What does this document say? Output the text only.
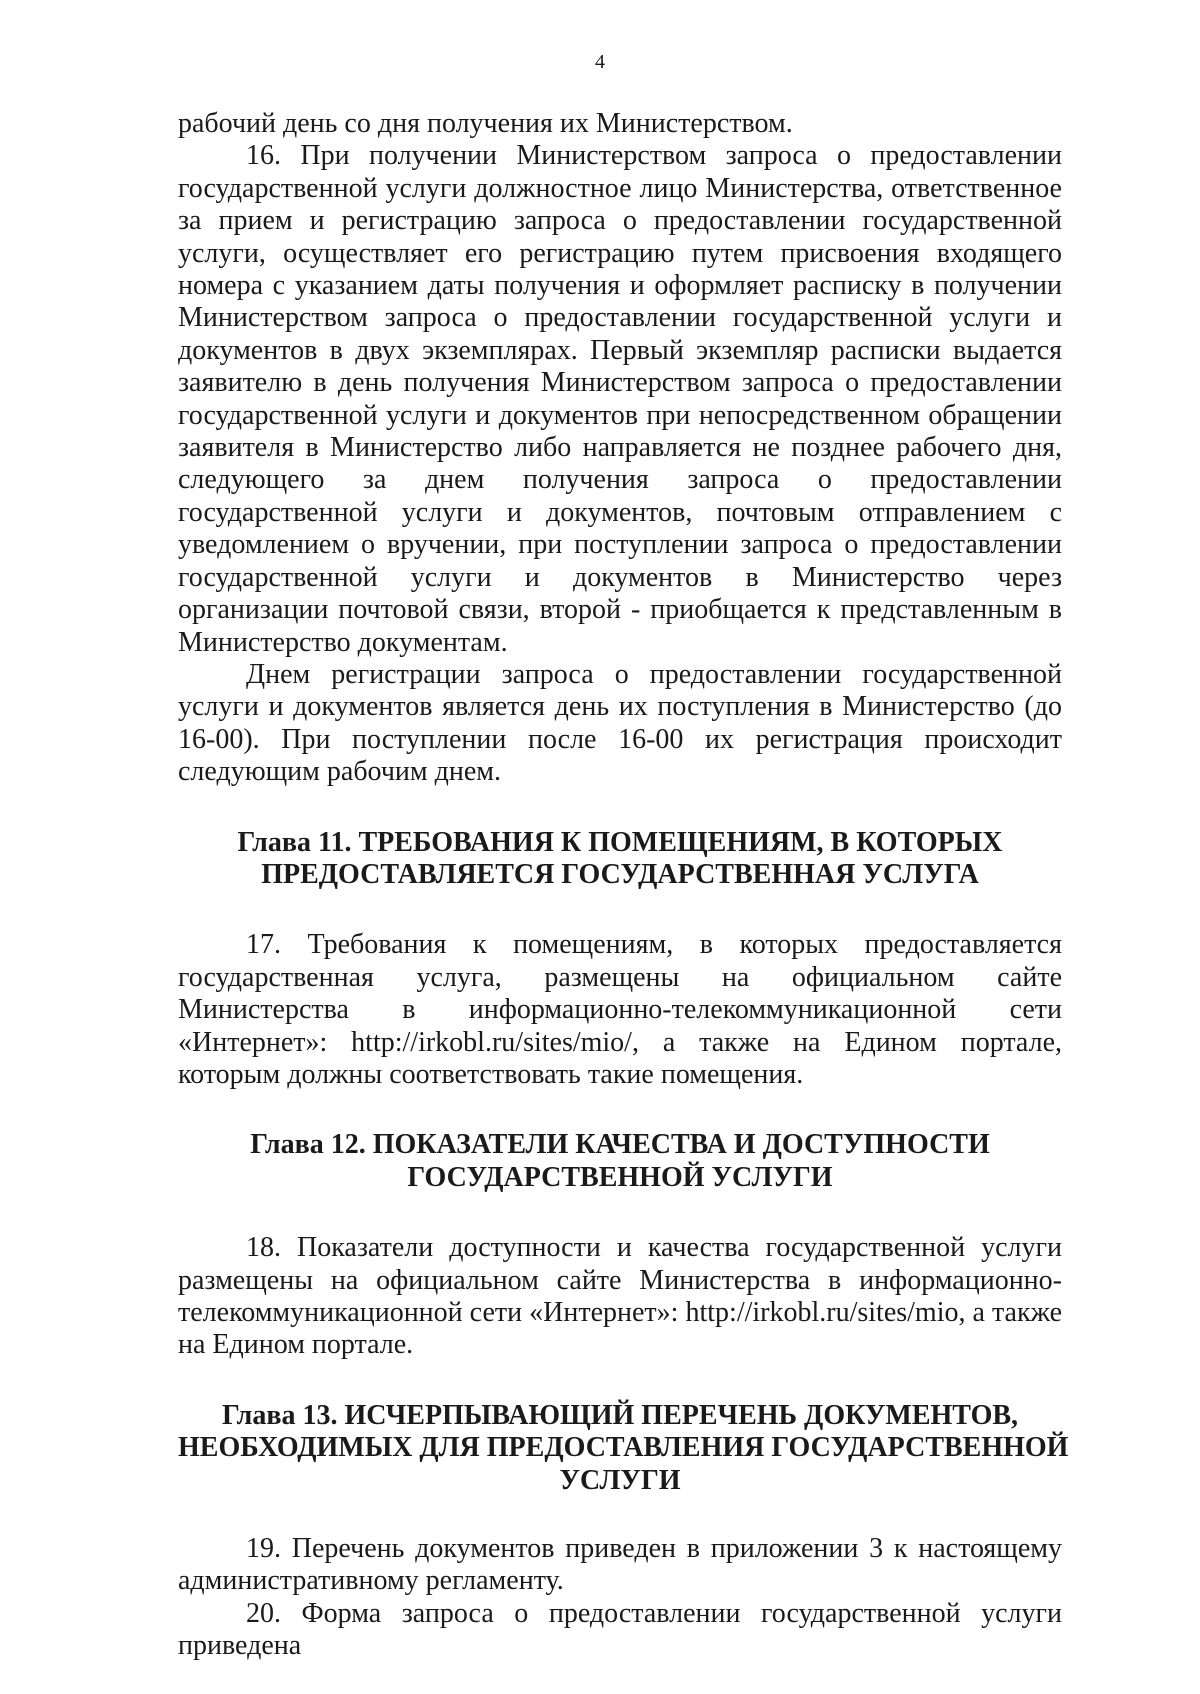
4

рабочий день со дня получения их Министерством.

16. При получении Министерством запроса о предоставлении государственной услуги должностное лицо Министерства, ответственное за прием и регистрацию запроса о предоставлении государственной услуги, осуществляет его регистрацию путем присвоения входящего номера с указанием даты получения и оформляет расписку в получении Министерством запроса о предоставлении государственной услуги и документов в двух экземплярах. Первый экземпляр расписки выдается заявителю в день получения Министерством запроса о предоставлении государственной услуги и документов при непосредственном обращении заявителя в Министерство либо направляется не позднее рабочего дня, следующего за днем получения запроса о предоставлении государственной услуги и документов, почтовым отправлением с уведомлением о вручении, при поступлении запроса о предоставлении государственной услуги и документов в Министерство через организации почтовой связи, второй - приобщается к представленным в Министерство документам.

Днем регистрации запроса о предоставлении государственной услуги и документов является день их поступления в Министерство (до 16-00). При поступлении после 16-00 их регистрация происходит следующим рабочим днем.

Глава 11. ТРЕБОВАНИЯ К ПОМЕЩЕНИЯМ, В КОТОРЫХ
ПРЕДОСТАВЛЯЕТСЯ ГОСУДАРСТВЕННАЯ УСЛУГА

17. Требования к помещениям, в которых предоставляется государственная услуга, размещены на официальном сайте Министерства в информационно-телекоммуникационной сети «Интернет»: http://irkobl.ru/sites/mio/, а также на Едином портале, которым должны соответствовать такие помещения.

Глава 12. ПОКАЗАТЕЛИ КАЧЕСТВА И ДОСТУПНОСТИ
ГОСУДАРСТВЕННОЙ УСЛУГИ

18. Показатели доступности и качества государственной услуги размещены на официальном сайте Министерства в информационно-телекоммуникационной сети «Интернет»: http://irkobl.ru/sites/mio, а также на Едином портале.

Глава 13. ИСЧЕРПЫВАЮЩИЙ ПЕРЕЧЕНЬ ДОКУМЕНТОВ,
НЕОБХОДИМЫХ ДЛЯ ПРЕДОСТАВЛЕНИЯ ГОСУДАРСТВЕННОЙ
УСЛУГИ

19. Перечень документов приведен в приложении 3 к настоящему административному регламенту.

20. Форма запроса о предоставлении государственной услуги приведена
